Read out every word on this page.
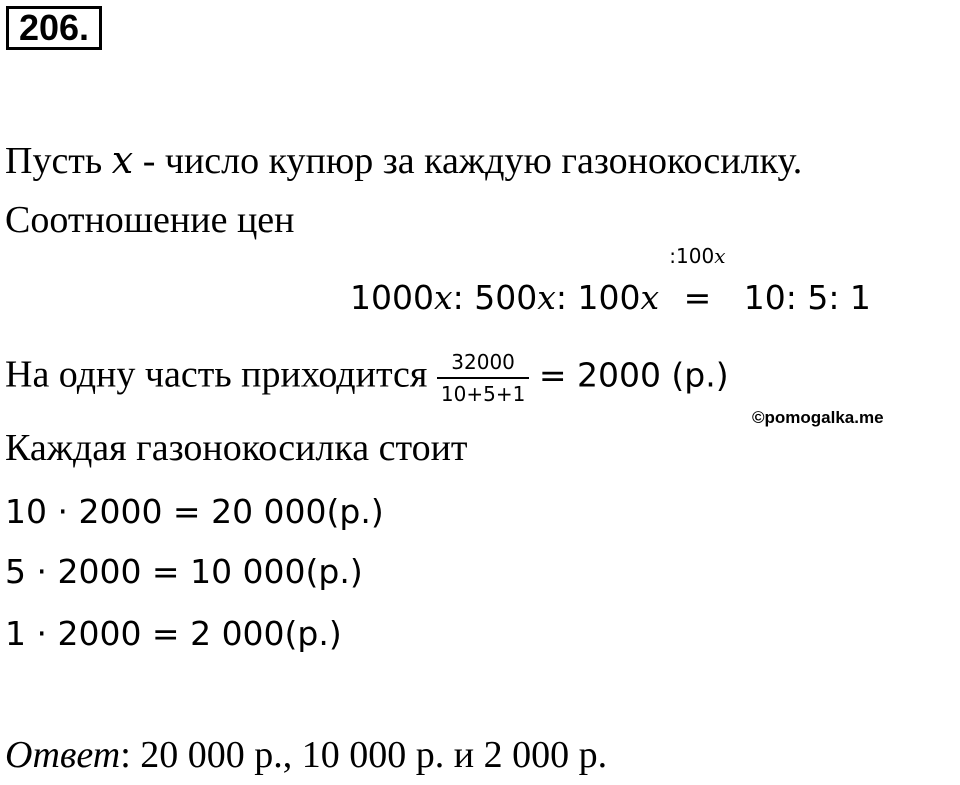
206.
Пусть x - число купюр за каждую газонокосилку.
Соотношение цен
1000x: 500x: 100x
:100x
= 10: 5: 1
На одну часть приходится $\frac{32000}{10+5+1} = 2000$ (р.)
©pomogalka.me
Каждая газонокосилка стоит
10 · 2000 = 20 000(р.)
5 · 2000 = 10 000(р.)
1 · 2000 = 2 000(р.)
Ответ: 20 000 р., 10 000 р. и 2 000 р.
